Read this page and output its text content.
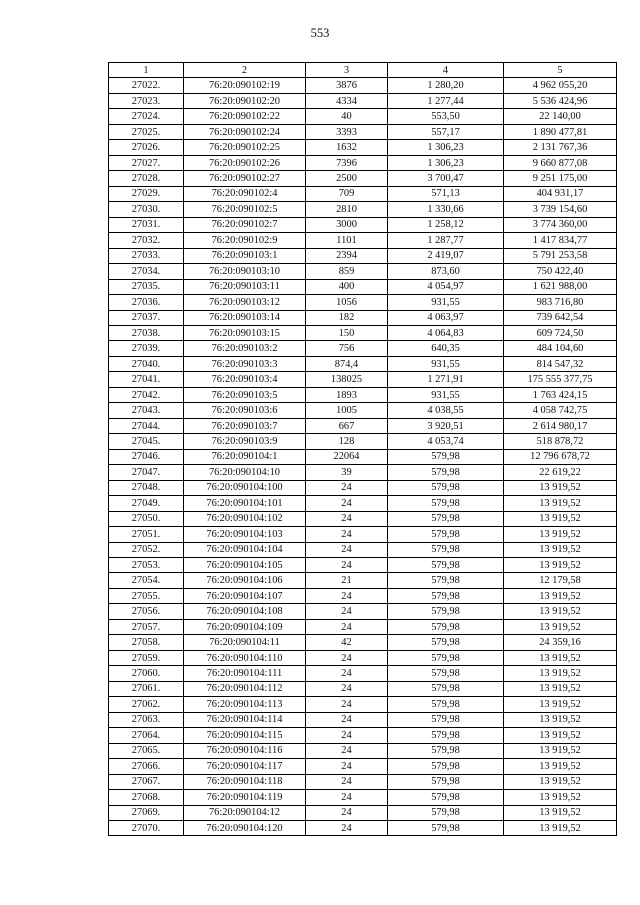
553
1	2	3	4	5
27022.	76:20:090102:19	3876	1 280,20	4 962 055,20
27023.	76:20:090102:20	4334	1 277,44	5 536 424,96
27024.	76:20:090102:22	40	553,50	22 140,00
27025.	76:20:090102:24	3393	557,17	1 890 477,81
27026.	76:20:090102:25	1632	1 306,23	2 131 767,36
27027.	76:20:090102:26	7396	1 306,23	9 660 877,08
27028.	76:20:090102:27	2500	3 700,47	9 251 175,00
27029.	76:20:090102:4	709	571,13	404 931,17
27030.	76:20:090102:5	2810	1 330,66	3 739 154,60
27031.	76:20:090102:7	3000	1 258,12	3 774 360,00
27032.	76:20:090102:9	1101	1 287,77	1 417 834,77
27033.	76:20:090103:1	2394	2 419,07	5 791 253,58
27034.	76:20:090103:10	859	873,60	750 422,40
27035.	76:20:090103:11	400	4 054,97	1 621 988,00
27036.	76:20:090103:12	1056	931,55	983 716,80
27037.	76:20:090103:14	182	4 063,97	739 642,54
27038.	76:20:090103:15	150	4 064,83	609 724,50
27039.	76:20:090103:2	756	640,35	484 104,60
27040.	76:20:090103:3	874,4	931,55	814 547,32
27041.	76:20:090103:4	138025	1 271,91	175 555 377,75
27042.	76:20:090103:5	1893	931,55	1 763 424,15
27043.	76:20:090103:6	1005	4 038,55	4 058 742,75
27044.	76:20:090103:7	667	3 920,51	2 614 980,17
27045.	76:20:090103:9	128	4 053,74	518 878,72
27046.	76:20:090104:1	22064	579,98	12 796 678,72
27047.	76:20:090104:10	39	579,98	22 619,22
27048.	76:20:090104:100	24	579,98	13 919,52
27049.	76:20:090104:101	24	579,98	13 919,52
27050.	76:20:090104:102	24	579,98	13 919,52
27051.	76:20:090104:103	24	579,98	13 919,52
27052.	76:20:090104:104	24	579,98	13 919,52
27053.	76:20:090104:105	24	579,98	13 919,52
27054.	76:20:090104:106	21	579,98	12 179,58
27055.	76:20:090104:107	24	579,98	13 919,52
27056.	76:20:090104:108	24	579,98	13 919,52
27057.	76:20:090104:109	24	579,98	13 919,52
27058.	76:20:090104:11	42	579,98	24 359,16
27059.	76:20:090104:110	24	579,98	13 919,52
27060.	76:20:090104:111	24	579,98	13 919,52
27061.	76:20:090104:112	24	579,98	13 919,52
27062.	76:20:090104:113	24	579,98	13 919,52
27063.	76:20:090104:114	24	579,98	13 919,52
27064.	76:20:090104:115	24	579,98	13 919,52
27065.	76:20:090104:116	24	579,98	13 919,52
27066.	76:20:090104:117	24	579,98	13 919,52
27067.	76:20:090104:118	24	579,98	13 919,52
27068.	76:20:090104:119	24	579,98	13 919,52
27069.	76:20:090104:12	24	579,98	13 919,52
27070.	76:20:090104:120	24	579,98	13 919,52
